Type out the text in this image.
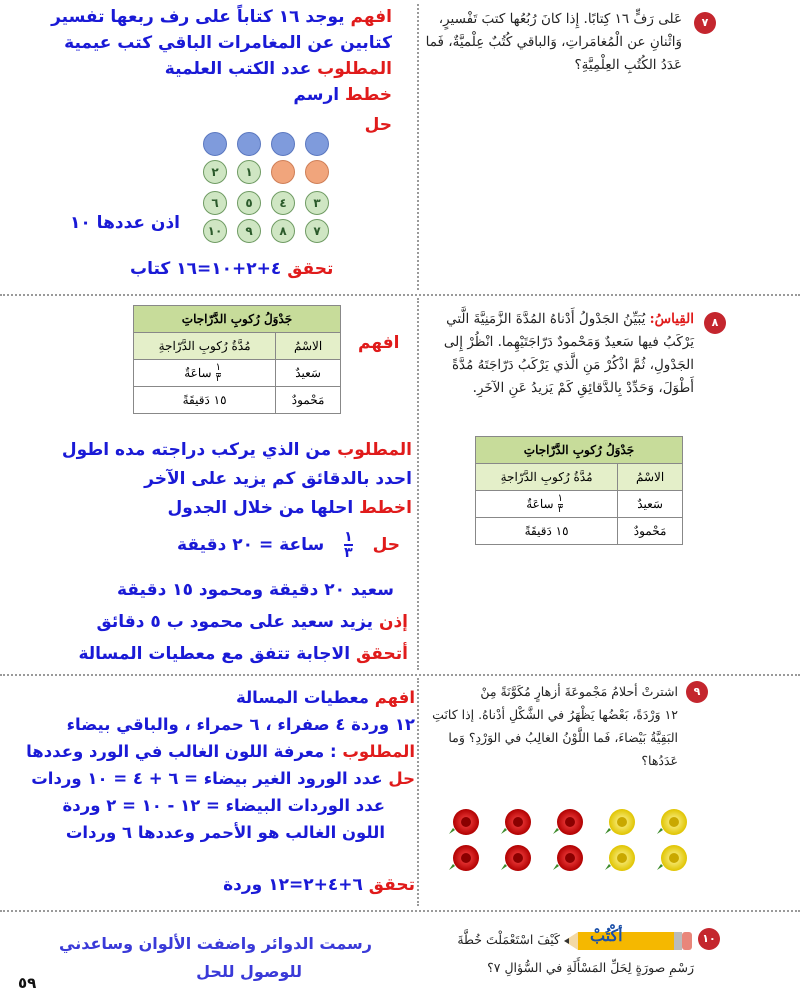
٧
عَلى رَفٍّ ١٦ كِتابًا. إِذا كانَ رُبُعُها كتبَ تَفْسيرٍ،
وَاثْنانِ عن الْمُغامَراتِ، وَالباقي كُتُبٌ عِلْميَّةٌ، فَما
عَدَدُ الكُتُبِ العِلْمِيَّةِ؟
افهم يوجد ١٦ كتاباً على رف ربعها تفسير
كتابين عن المغامرات الباقي كتب عيمية
المطلوب عدد الكتب العلمية
خطط ارسم
حل
٢	١
٦	٥	٤	٣
١٠	٩	٨	٧
اذن عددها ١٠
تحقق ٤+٢+١٠=١٦ كتاب
٨
القِياسُ: يُبَيِّنُ الجَدْولُ أَدْناهُ المُدَّةَ الزَّمَنِيَّةَ الَّتي
يَرْكَبُ فيها سَعيدٌ وَمَحْمودٌ دَرّاجَتَيْهِما. انْظُرْ إِلى
الجَدْولِ، ثُمَّ اذْكُرْ مَنِ الَّذي يَرْكَبُ دَرّاجَتَهُ مُدَّةً
أَطْوَلَ، وَحَدِّدْ بِالدَّقائِقِ كَمْ يَزيدُ عَنِ الآخَرِ.
جَدْوَلُ رُكوبِ الدَّرّاجاتِ	
الاسْمُ	مُدَّةُ رُكوبِ الدَّرّاجةِ
سَعيدٌ	$\frac{١}{٣}$
ساعَةٌ
مَحْمودٌ	١٥ دَقيقَةً
جَدْوَلُ رُكوبِ الدَّرّاجاتِ	
الاسْمُ	مُدَّةُ رُكوبِ الدَّرّاجةِ
سَعيدٌ	$\frac{١}{٣}$
ساعَةٌ
مَحْمودٌ	١٥ دَقيقَةً
افهم
المطلوب من الذي يركب دراجته مده اطول
احدد بالدقائق كم يزيد على الآخر
اخطط احلها من خلال الجدول
حل
$\frac{١}{٣}$
ساعة = ٢٠ دقيقة
سعيد ٢٠ دقيقة ومحمود ١٥ دقيقة
إذن يزيد سعيد على محمود ب ٥ دقائق
أتحقق الاجابة تتفق مع معطيات المسالة
٩
اشترتْ أحلامُ مَجْموعَةَ أزهارٍ مُكَوَّنَةً مِنْ
١٢ وَرْدَةً، بَعْضُها يَظْهَرُ في الشَّكْلِ أدْناهُ. إذا كانَتِ
البَقِيَّةُ بَيْضاءَ، فَما اللَّوْنُ الغالِبُ في الوَرْدِ؟ وَما
عَدَدُها؟
افهم معطيات المسالة
١٢ وردة ٤ صفراء ، ٦ حمراء ، والباقي بيضاء
المطلوب : معرفة اللون الغالب في الورد وعددها
حل عدد الورود الغير بيضاء = ٦ + ٤ = ١٠ وردات
عدد الوردات البيضاء = ١٢ - ١٠ = ٢ وردة
اللون الغالب هو الأحمر وعددها ٦ وردات
تحقق ٦+٤+٢=١٢ وردة
١٠
أكْتُبْ
كَيْفَ اسْتَعْمَلْتَ خُطَّةَ
رَسْمِ صورَةٍ لِحَلِّ المَسْأَلَةِ في السُّؤالِ ٧؟
رسمت الدوائر واضفت الألوان وساعدني
للوصول للحل
٥٩
